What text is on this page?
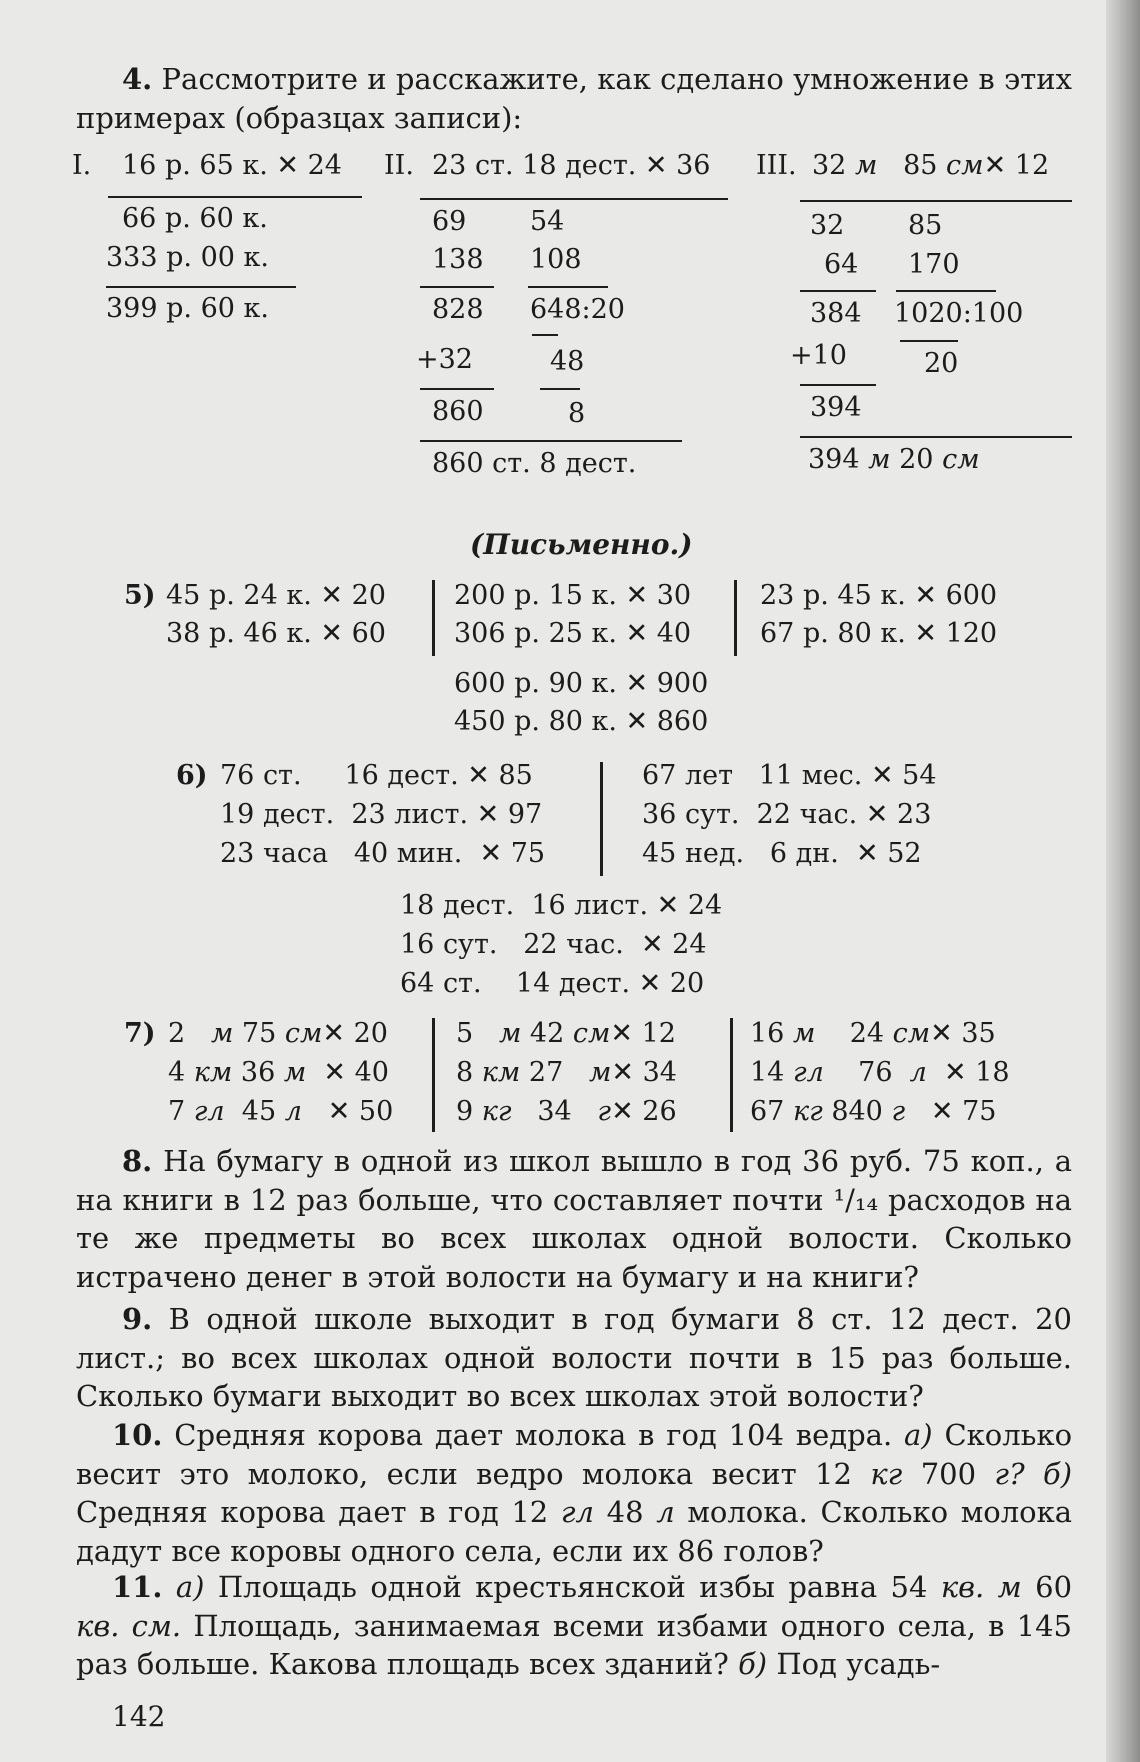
4. Рассмотрите и расскажите, как сделано умножение в этих примерах (образцах записи):
I. 16 р. 65 к. ✕ 24
66 р. 60 к.
333 р. 00 к.
399 р. 60 к.
II. 23 ст. 18 дест. ✕ 36
69 54
138 108
828 648:20
+32	48
860	8
860 ст. 8 дест.
III. 32 м 85 см✕ 12
32 85
64 170
384 1020:100
+10	20
394
394 м 20 см
(Письменно.)
5) 45 р. 24 к. ✕ 20
38 р. 46 к. ✕ 60
200 р. 15 к. ✕ 30
306 р. 25 к. ✕ 40
23 р. 45 к. ✕ 600
67 р. 80 к. ✕ 120
600 р. 90 к. ✕ 900
450 р. 80 к. ✕ 860
6) 76 ст.     16 дест. ✕ 85
19 дест.  23 лист. ✕ 97
23 часа   40 мин.  ✕ 75
67 лет   11 мес. ✕ 54
36 сут.  22 час. ✕ 23
45 нед.   6 дн.  ✕ 52
18 дест.  16 лист. ✕ 24
16 сут.   22 час.  ✕ 24
64 ст.    14 дест. ✕ 20
7) 2 м 75 см✕ 20
4 км 36 м ✕ 40
7 гл 45 л ✕ 50
5 м 42 см✕ 12
8 км 27 м✕ 34
9 кг 34 г✕ 26
16 м 24 см✕ 35
14 гл 76 л ✕ 18
67 кг 840 г ✕ 75
8. На бумагу в одной из школ вышло в год 36 руб. 75 коп., а на книги в 12 раз больше, что составляет почти ¹/₁₄ расходов на те же предметы во всех школах одной волости. Сколько истрачено денег в этой волости на бумагу и на книги?
9. В одной школе выходит в год бумаги 8 ст. 12 дест. 20 лист.; во всех школах одной волости почти в 15 раз больше. Сколько бумаги выходит во всех школах этой волости?
10. Средняя корова дает молока в год 104 ведра. а) Сколько весит это молоко, если ведро молока весит 12 кг 700 г? б) Средняя корова дает в год 12 гл 48 л молока. Сколько молока дадут все коровы одного села, если их 86 голов?
11. а) Площадь одной крестьянской избы равна 54 кв. м 60 кв. см. Площадь, занимаемая всеми избами одного села, в 145 раз больше. Какова площадь всех зданий? б) Под усадь-
142
